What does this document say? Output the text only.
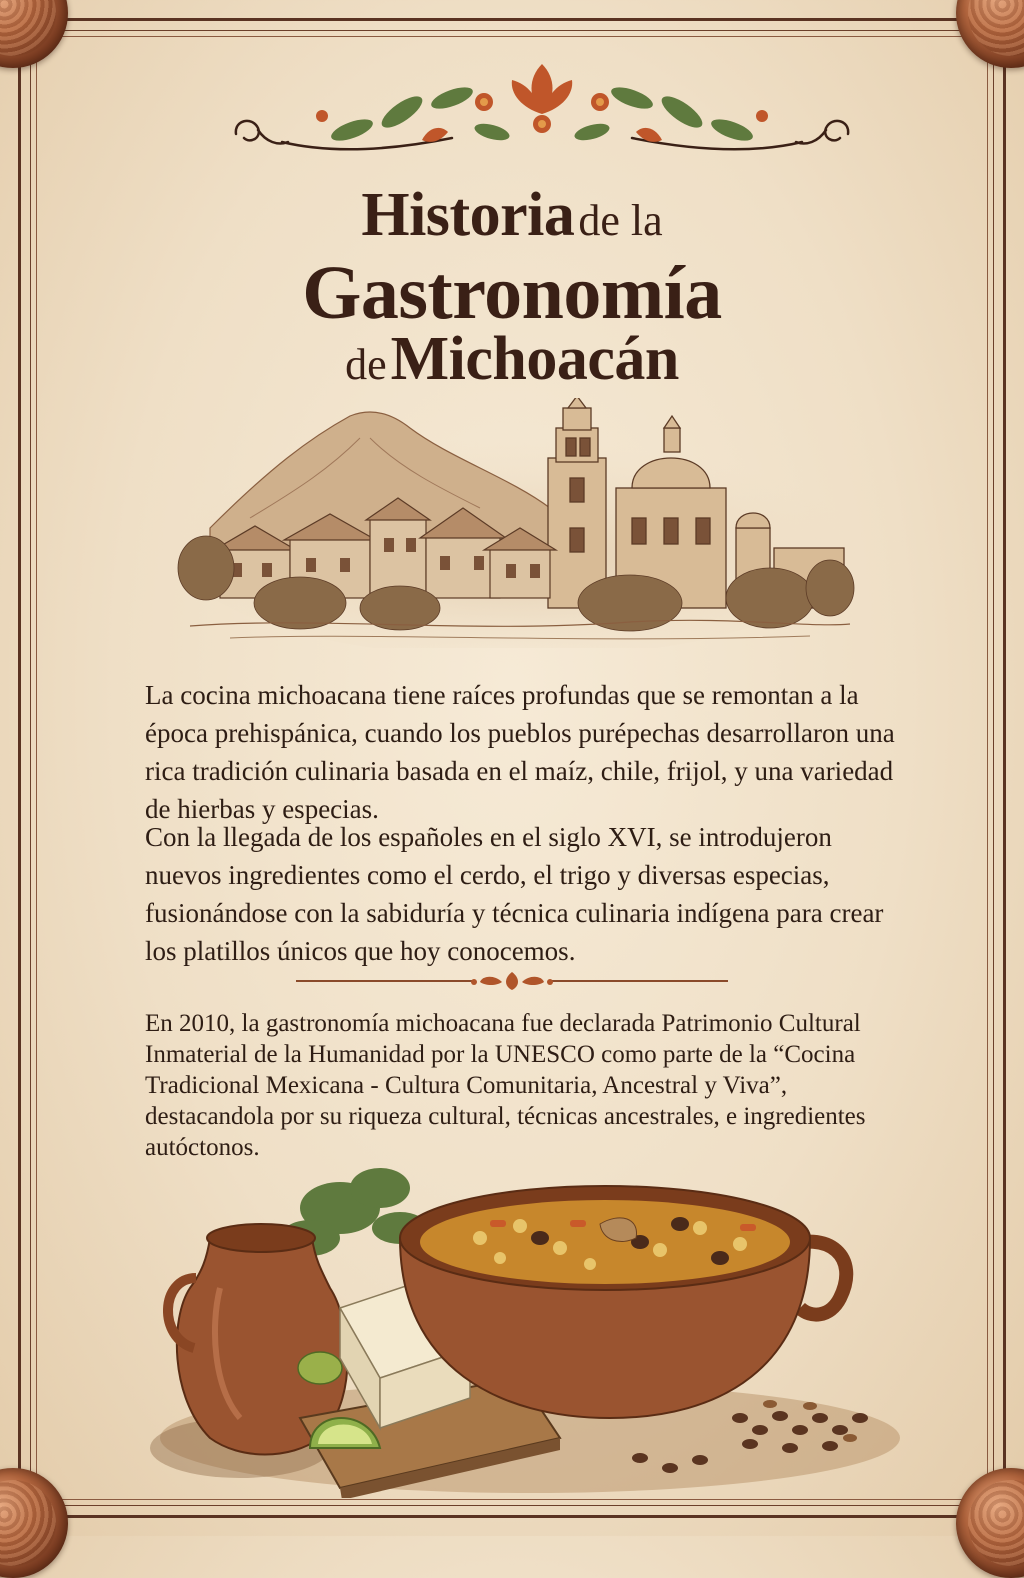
Historia de la
Gastronomía
de Michoacán

La cocina michoacana tiene raíces profundas que se remontan a la época prehispánica, cuando los pueblos purépechas desarrollaron una rica tradición culinaria basada en el maíz, chile, frijol, y una variedad de hierbas y especias.

Con la llegada de los españoles en el siglo XVI, se introdujeron nuevos ingredientes como el cerdo, el trigo y diversas especias, fusionándose con la sabiduría y técnica culinaria indígena para crear los platillos únicos que hoy conocemos.

En 2010, la gastronomía michoacana fue declarada Patrimonio Cultural Inmaterial de la Humanidad por la UNESCO como parte de la “Cocina Tradicional Mexicana - Cultura Comunitaria, Ancestral y Viva”, destacandola por su riqueza cultural, técnicas ancestrales, e ingredientes autóctonos.
